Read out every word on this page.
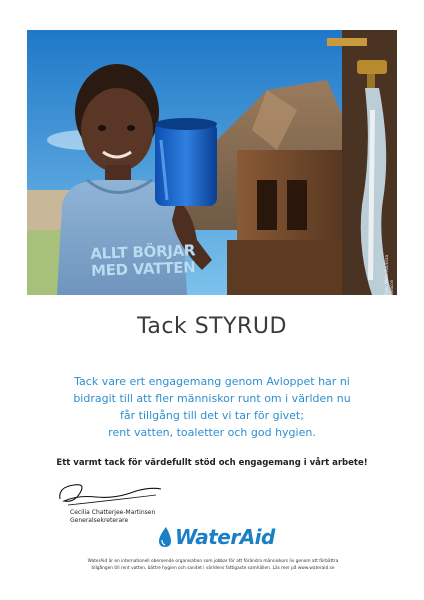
ALLT BÖRJAR
MED VATTEN	Foto: WaterAid/Eliza Deacon
Tack STYRUD
Tack vare ert engagemang genom Avloppet har ni
bidragit till att fler människor runt om i världen nu
får tillgång till det vi tar för givet;
rent vatten, toaletter och god hygien.
Ett varmt tack för värdefullt stöd och engagemang i vårt arbete!
Cecilia Chatterjee-Martinsen
Generalsekreterare
WaterAid
WaterAid är en internationell oberoende organisation som jobbar för att förändra människors liv genom att förbättra
tillgången till rent vatten, bättre hygien och sanitet i världens fattigaste samhällen. Läs mer på www.wateraid.se
